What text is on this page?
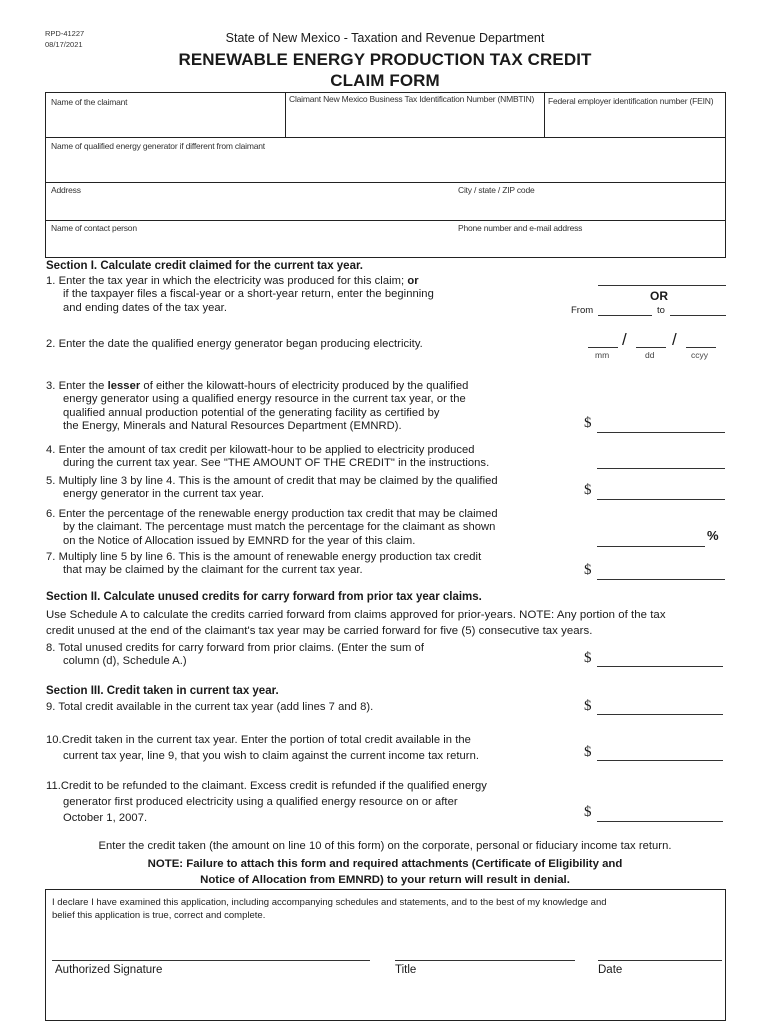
RPD-41227
08/17/2021	State of New Mexico - Taxation and Revenue Department
RENEWABLE ENERGY PRODUCTION TAX CREDIT
CLAIM FORM
Name of the claimant	Claimant New Mexico Business Tax Identification Number (NMBTIN) Federal employer identification number (FEIN)
Name of qualified energy generator if different from claimant
Address	City / state / ZIP code
Name of contact person	Phone number and e-mail address
Section I. Calculate credit claimed for the current tax year.
1. Enter the tax year in which the electricity was produced for this claim; or
if the taxpayer files a fiscal-year or a short-year return, enter the beginning
and ending dates of the tax year.
OR
From	to
2. Enter the date the qualified energy generator began producing electricity.	/	/
mm	dd	ccyy
3. Enter the lesser of either the kilowatt-hours of electricity produced by the qualified
energy generator using a qualified energy resource in the current tax year, or the
qualified annual production potential of the generating facility as certified by
the Energy, Minerals and Natural Resources Department (EMNRD).	$
4. Enter the amount of tax credit per kilowatt-hour to be applied to electricity produced
during the current tax year. See "THE AMOUNT OF THE CREDIT" in the instructions.
5. Multiply line 3 by line 4. This is the amount of credit that may be claimed by the qualified
energy generator in the current tax year.	$
6. Enter the percentage of the renewable energy production tax credit that may be claimed
by the claimant. The percentage must match the percentage for the claimant as shown
on the Notice of Allocation issued by EMNRD for the year of this claim.	%
7. Multiply line 5 by line 6. This is the amount of renewable energy production tax credit
that may be claimed by the claimant for the current tax year.	$
Section II. Calculate unused credits for carry forward from prior tax year claims.
Use Schedule A to calculate the credits carried forward from claims approved for prior-years. NOTE: Any portion of the tax
credit unused at the end of the claimant's tax year may be carried forward for five (5) consecutive tax years.
8. Total unused credits for carry forward from prior claims. (Enter the sum of
column (d), Schedule A.)	$
Section III. Credit taken in current tax year.
9. Total credit available in the current tax year (add lines 7 and 8).	$
10.Credit taken in the current tax year. Enter the portion of total credit available in the
current tax year, line 9, that you wish to claim against the current income tax return.	$
11.Credit to be refunded to the claimant. Excess credit is refunded if the qualified energy
generator first produced electricity using a qualified energy resource on or after
October 1, 2007.	$
Enter the credit taken (the amount on line 10 of this form) on the corporate, personal or fiduciary income tax return.
NOTE: Failure to attach this form and required attachments (Certificate of Eligibility and
Notice of Allocation from EMNRD) to your return will result in denial.
I declare I have examined this application, including accompanying schedules and statements, and to the best of my knowledge and
belief this application is true, correct and complete.
Authorized Signature	Title	Date
